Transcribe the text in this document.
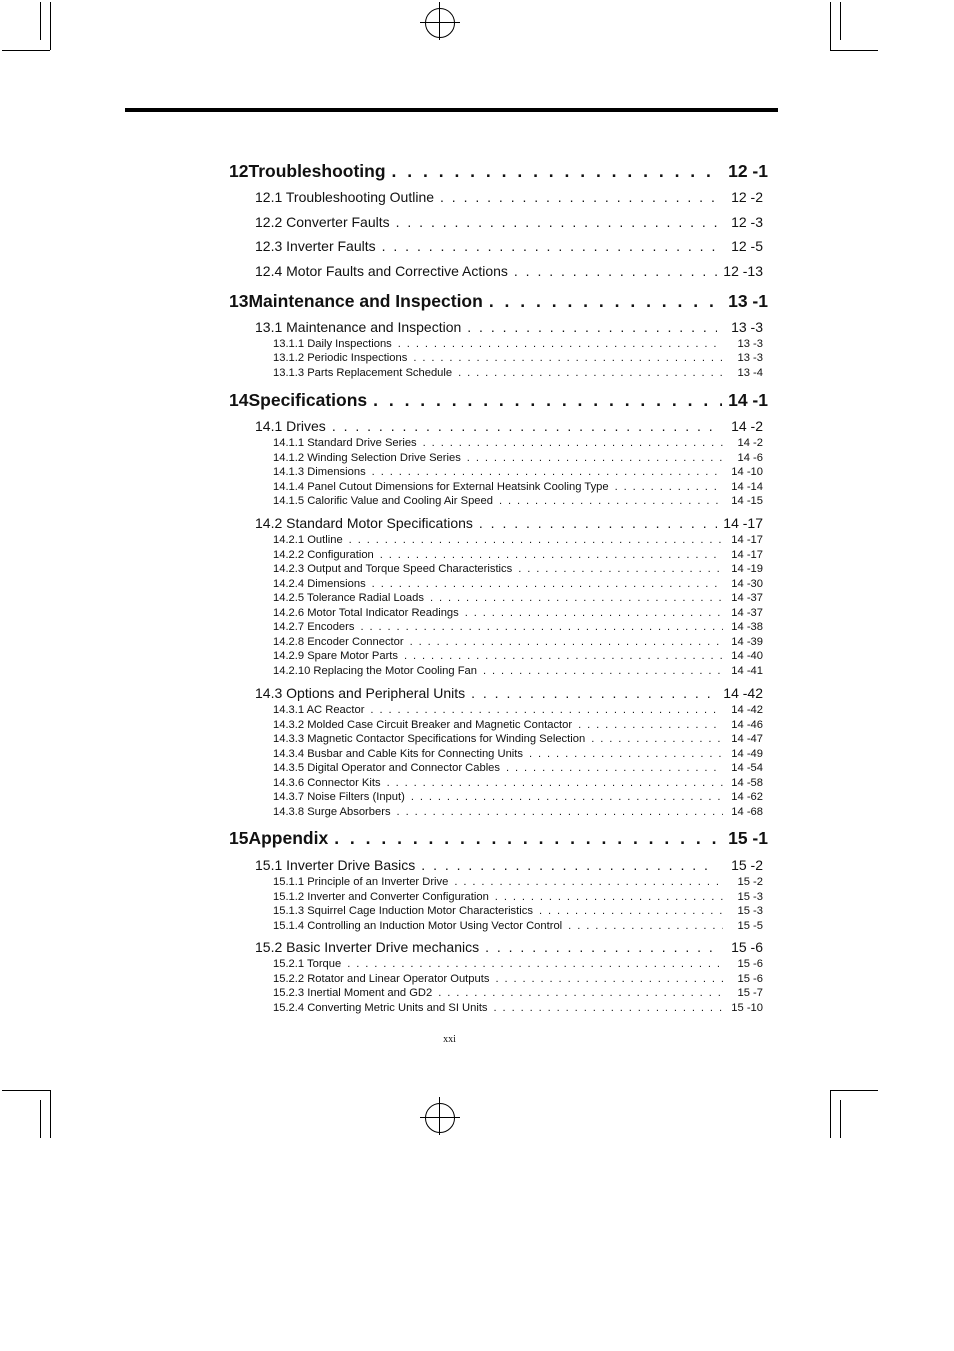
12 Troubleshooting . . .	12 -1
12.1 Troubleshooting Outline . . .	12 -2
12.2 Converter Faults . . .	12 -3
12.3 Inverter Faults . . .	12 -5
12.4 Motor Faults and Corrective Actions . . .	12 -13
13 Maintenance and Inspection . . .	13 -1
13.1 Maintenance and Inspection . . .	13 -3
13.1.1 Daily Inspections . . .	13 -3
13.1.2 Periodic Inspections . . .	13 -3
13.1.3 Parts Replacement Schedule . . .	13 -4
14 Specifications . . .	14 -1
14.1 Drives . . .	14 -2
14.1.1 Standard Drive Series . . .	14 -2
14.1.2 Winding Selection Drive Series . . .	14 -6
14.1.3 Dimensions . . .	14 -10
14.1.4 Panel Cutout Dimensions for External Heatsink Cooling Type . . .	14 -14
14.1.5 Calorific Value and Cooling Air Speed . . .	14 -15
14.2 Standard Motor Specifications . . .	14 -17
14.2.1 Outline . . .	14 -17
14.2.2 Configuration . . .	14 -17
14.2.3 Output and Torque Speed Characteristics . . .	14 -19
14.2.4 Dimensions . . .	14 -30
14.2.5 Tolerance Radial Loads . . .	14 -37
14.2.6 Motor Total Indicator Readings . . .	14 -37
14.2.7 Encoders . . .	14 -38
14.2.8 Encoder Connector . . .	14 -39
14.2.9 Spare Motor Parts . . .	14 -40
14.2.10 Replacing the Motor Cooling Fan . . .	14 -41
14.3 Options and Peripheral Units . . .	14 -42
14.3.1 AC Reactor . . .	14 -42
14.3.2 Molded Case Circuit Breaker and Magnetic Contactor . . .	14 -46
14.3.3 Magnetic Contactor Specifications for Winding Selection . . .	14 -47
14.3.4 Busbar and Cable Kits for Connecting Units . . .	14 -49
14.3.5 Digital Operator and Connector Cables . . .	14 -54
14.3.6 Connector Kits . . .	14 -58
14.3.7 Noise Filters (Input) . . .	14 -62
14.3.8 Surge Absorbers . . .	14 -68
15 Appendix . . .	15 -1
15.1 Inverter Drive Basics . . .	15 -2
15.1.1 Principle of an Inverter Drive . . .	15 -2
15.1.2 Inverter and Converter Configuration . . .	15 -3
15.1.3 Squirrel Cage Induction Motor Characteristics . . .	15 -3
15.1.4 Controlling an Induction Motor Using Vector Control . . .	15 -5
15.2 Basic Inverter Drive mechanics . . .	15 -6
15.2.1 Torque . . .	15 -6
15.2.2 Rotator and Linear Operator Outputs . . .	15 -6
15.2.3 Inertial Moment and GD2 . . .	15 -7
15.2.4 Converting Metric Units and SI Units . . .	15 -10
xxi
